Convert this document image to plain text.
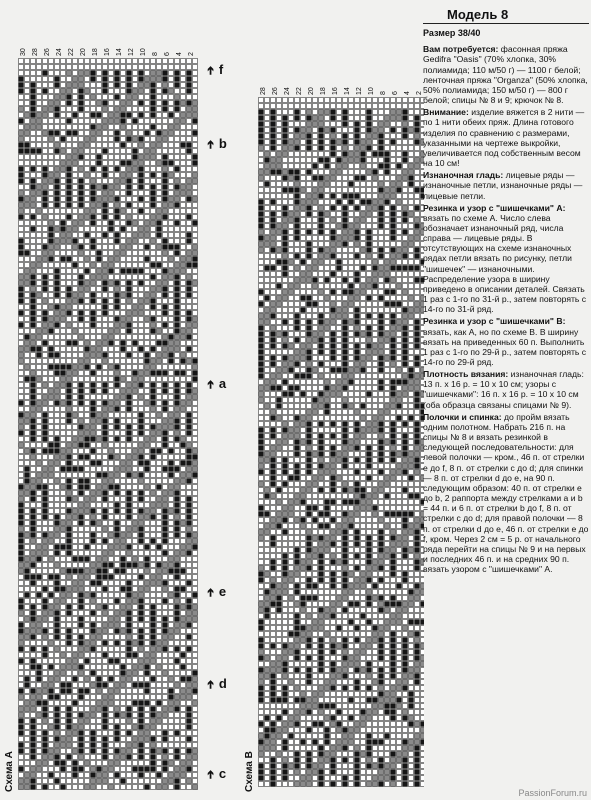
30 28 26 24 22 20 18 16 14 12 10 8 6 4 2
Схема А
➔ f
➔ b
➔ a
➔ e
➔ d
➔ c
28 26 24 22 20 18 16 14 12 10 8 6 4 2
Схема В
Модель 8
Размер 38/40

Вам потребуется: фасонная пряжа Gedifra "Oasis" (70% хлопка, 30% полиамида; 110 м/50 г) — 1100 г белой; ленточная пряжа "Organza" (50% хлопка, 50% полиамида; 150 м/50 г) — 800 г белой; спицы № 8 и 9; крючок № 8.

Внимание: изделие вяжется в 2 нити — по 1 нити обеих пряж. Длина готового изделия по сравнению с размерами, указанными на чертеже выкройки, увеличивается под собственным весом на 10 см!

Изнаночная гладь: лицевые ряды — изнаночные петли, изнаночные ряды — лицевые петли.

Резинка и узор с "шишечками" А: вязать по схеме А. Число слева обозначает изнаночный ряд, числа справа — лицевые ряды. В отсутствующих на схеме изнаночных рядах петли вязать по рисунку, петли "шишечек" — изнаночными. Распределение узора в ширину приведено в описании деталей. Связать 1 раз с 1-го по 31-й р., затем повторять с 14-го по 31-й ряд.

Резинка и узор с "шишечками" В: вязать, как А, но по схеме В. В ширину вязать на приведенных 60 п. Выполнить 1 раз с 1-го по 29-й р., затем повторять с 14-го по 29-й ряд.

Плотность вязания: изнаночная гладь: 13 п. х 16 р. = 10 х 10 см; узоры с "шишечками": 16 п. х 16 р. = 10 х 10 см (оба образца связаны спицами № 9).

Полочки и спинка: до пройм вязать одним полотном. Набрать 216 п. на спицы № 8 и вязать резинкой в следующей последовательности: для левой полочки — кром., 46 п. от стрелки е до f, 8 п. от стрелки с до d; для спинки — 8 п. от стрелки d до е, на 90 п. следующим образом: 40 п. от стрелки е до b, 2 раппорта между стрелками а и b = 44 п. и 6 п. от стрелки b до f, 8 п. от стрелки с до d; для правой полочки — 8 п. от стрелки d до е, 46 п. от стрелки е до f, кром. Через 2 см = 5 р. от начального ряда перейти на спицы № 9 и на первых и последних 46 п. и на средних 90 п. вязать узором с "шишечками" А.

PassionForum.ru
